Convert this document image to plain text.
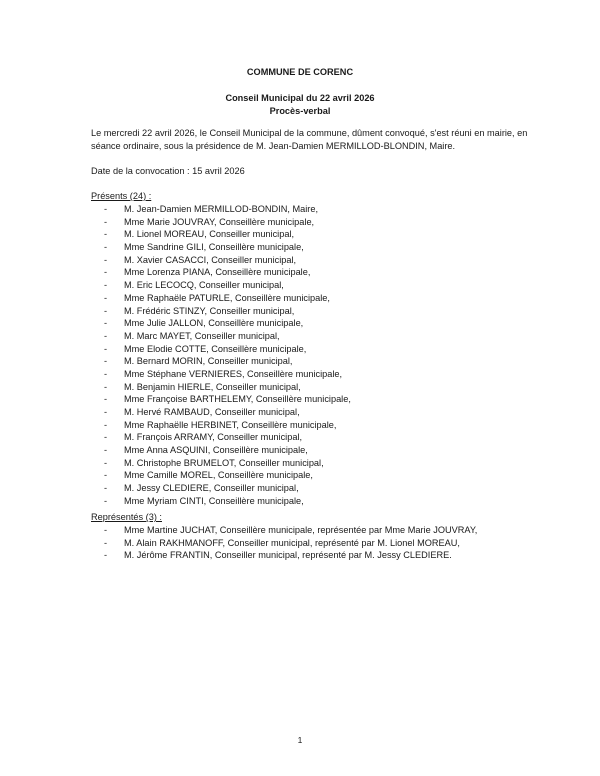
COMMUNE DE CORENC
Conseil Municipal du 22 avril 2026
Procès-verbal

Le mercredi 22 avril 2026, le Conseil Municipal de la commune, dûment convoqué, s'est réuni en mairie, en séance ordinaire, sous la présidence de M. Jean-Damien MERMILLOD-BLONDIN, Maire.

Date de la convocation : 15 avril 2026

Présents (24) :

- M. Jean-Damien MERMILLOD-BONDIN, Maire,
- Mme Marie JOUVRAY, Conseillère municipale,
- M. Lionel MOREAU, Conseiller municipal,
- Mme Sandrine GILI, Conseillère municipale,
- M. Xavier CASACCI, Conseiller municipal,
- Mme Lorenza PIANA, Conseillère municipale,
- M. Eric LECOCQ, Conseiller municipal,
- Mme Raphaële PATURLE, Conseillère municipale,
- M. Frédéric STINZY, Conseiller municipal,
- Mme Julie JALLON, Conseillère municipale,
- M. Marc MAYET, Conseiller municipal,
- Mme Elodie COTTE, Conseillère municipale,
- M. Bernard MORIN, Conseiller municipal,
- Mme Stéphane VERNIERES, Conseillère municipale,
- M. Benjamin HIERLE, Conseiller municipal,
- Mme Françoise BARTHELEMY, Conseillère municipale,
- M. Hervé RAMBAUD, Conseiller municipal,
- Mme Raphaëlle HERBINET, Conseillère municipale,
- M. François ARRAMY, Conseiller municipal,
- Mme Anna ASQUINI, Conseillère municipale,
- M. Christophe BRUMELOT, Conseiller municipal,
- Mme Camille MOREL, Conseillère municipale,
- M. Jessy CLEDIERE, Conseiller municipal,
- Mme Myriam CINTI, Conseillère municipale,

Représentés (3) :

- Mme Martine JUCHAT, Conseillère municipale, représentée par Mme Marie JOUVRAY,
- M. Alain RAKHMANOFF, Conseiller municipal, représenté par M. Lionel MOREAU,
- M. Jérôme FRANTIN, Conseiller municipal, représenté par M. Jessy CLEDIERE.
1
